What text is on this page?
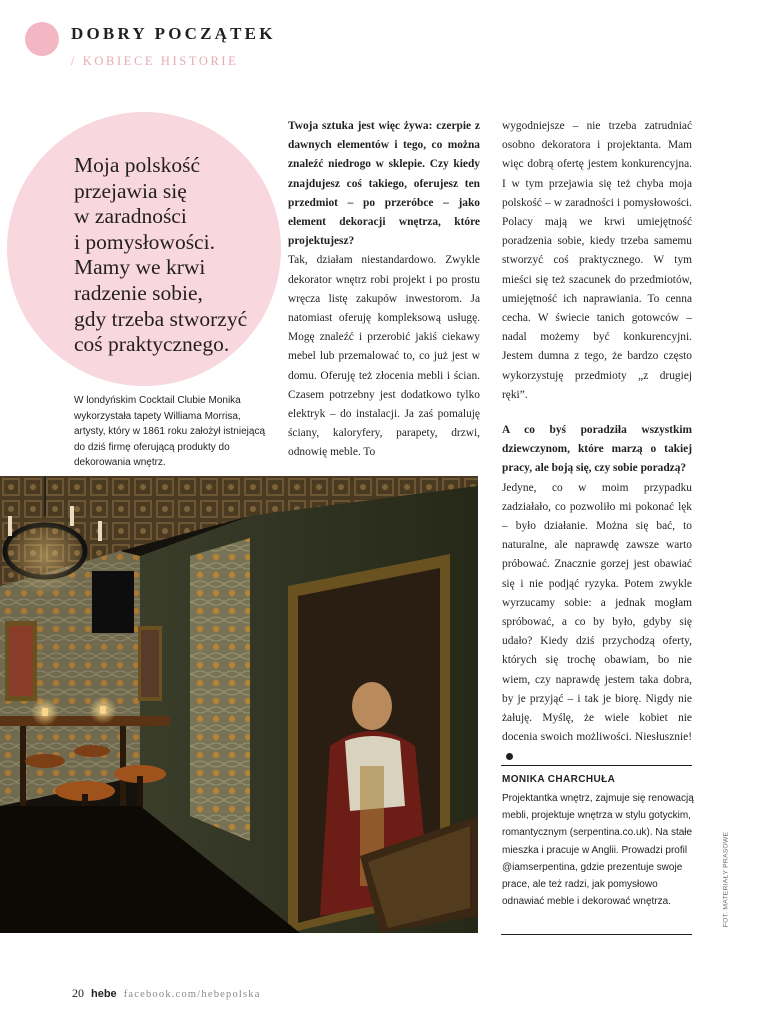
DOBRY POCZĄTEK
/ KOBIECE HISTORIE
Moja polskość
przejawia się
w zaradności
i pomysłowości.
Mamy we krwi
radzenie sobie,
gdy trzeba stworzyć
coś praktycznego.
W londyńskim Cocktail Clubie Monika wykorzystała tapety Williama Morrisa, artysty, który w 1861 roku założył istniejącą do dziś firmę oferującą produkty do dekorowania wnętrz.

Twoja sztuka jest więc żywa: czerpie z dawnych elementów i tego, co można znaleźć niedrogo w sklepie. Czy kiedy znajdujesz coś takiego, oferujesz ten przedmiot – po przeróbce – jako element dekoracji wnętrza, które projektujesz?

Tak, działam niestandardowo. Zwykle dekorator wnętrz robi projekt i po prostu wręcza listę zakupów inwestorom. Ja natomiast oferuję kompleksową usługę. Mogę znaleźć i przerobić jakiś ciekawy mebel lub przemalować to, co już jest w domu. Oferuję też złocenia mebli i ścian. Czasem potrzebny jest dodatkowo tylko elektryk – do instalacji. Ja zaś pomaluję ściany, kaloryfery, parapety, drzwi, odnowię meble. To

wygodniejsze – nie trzeba zatrudniać osobno dekoratora i projektanta. Mam więc dobrą ofertę jestem konkurencyjna. I w tym przejawia się też chyba moja polskość – w zaradności i pomysłowości. Polacy mają we krwi umiejętność poradzenia sobie, kiedy trzeba samemu stworzyć coś praktycznego. W tym mieści się też szacunek do przedmiotów, umiejętność ich naprawiania. To cenna cecha. W świecie tanich gotowców – nadal możemy być konkurencyjni. Jestem dumna z tego, że bardzo często wykorzystuję przedmioty „z drugiej ręki”.

A co byś poradziła wszystkim dziewczynom, które marzą o takiej pracy, ale boją się, czy sobie poradzą?

Jedyne, co w moim przypadku zadziałało, co pozwoliło mi pokonać lęk – było działanie. Można się bać, to naturalne, ale naprawdę zawsze warto próbować. Znacznie gorzej jest obawiać się i nie podjąć ryzyka. Potem zwykle wyrzucamy sobie: a jednak mogłam spróbować, a co by było, gdyby się udało? Kiedy dziś przychodzą oferty, których się trochę obawiam, bo nie wiem, czy naprawdę jestem taka dobra, by je przyjąć – i tak je biorę. Nigdy nie żałuję. Myślę, że wiele kobiet nie docenia swoich możliwości. Niesłusznie!

MONIKA CHARCHUŁA
Projektantka wnętrz, zajmuje się renowacją mebli, projektuje wnętrza w stylu gotyckim, romantycznym (serpentina.co.uk). Na stałe mieszka i pracuje w Anglii. Prowadzi profil @iamserpentina, gdzie prezentuje swoje prace, ale też radzi, jak pomysłowo odnawiać meble i dekorować wnętrza.	FOT. MATERIAŁY PRASOWE
20 hebe facebook.com/hebepolska
